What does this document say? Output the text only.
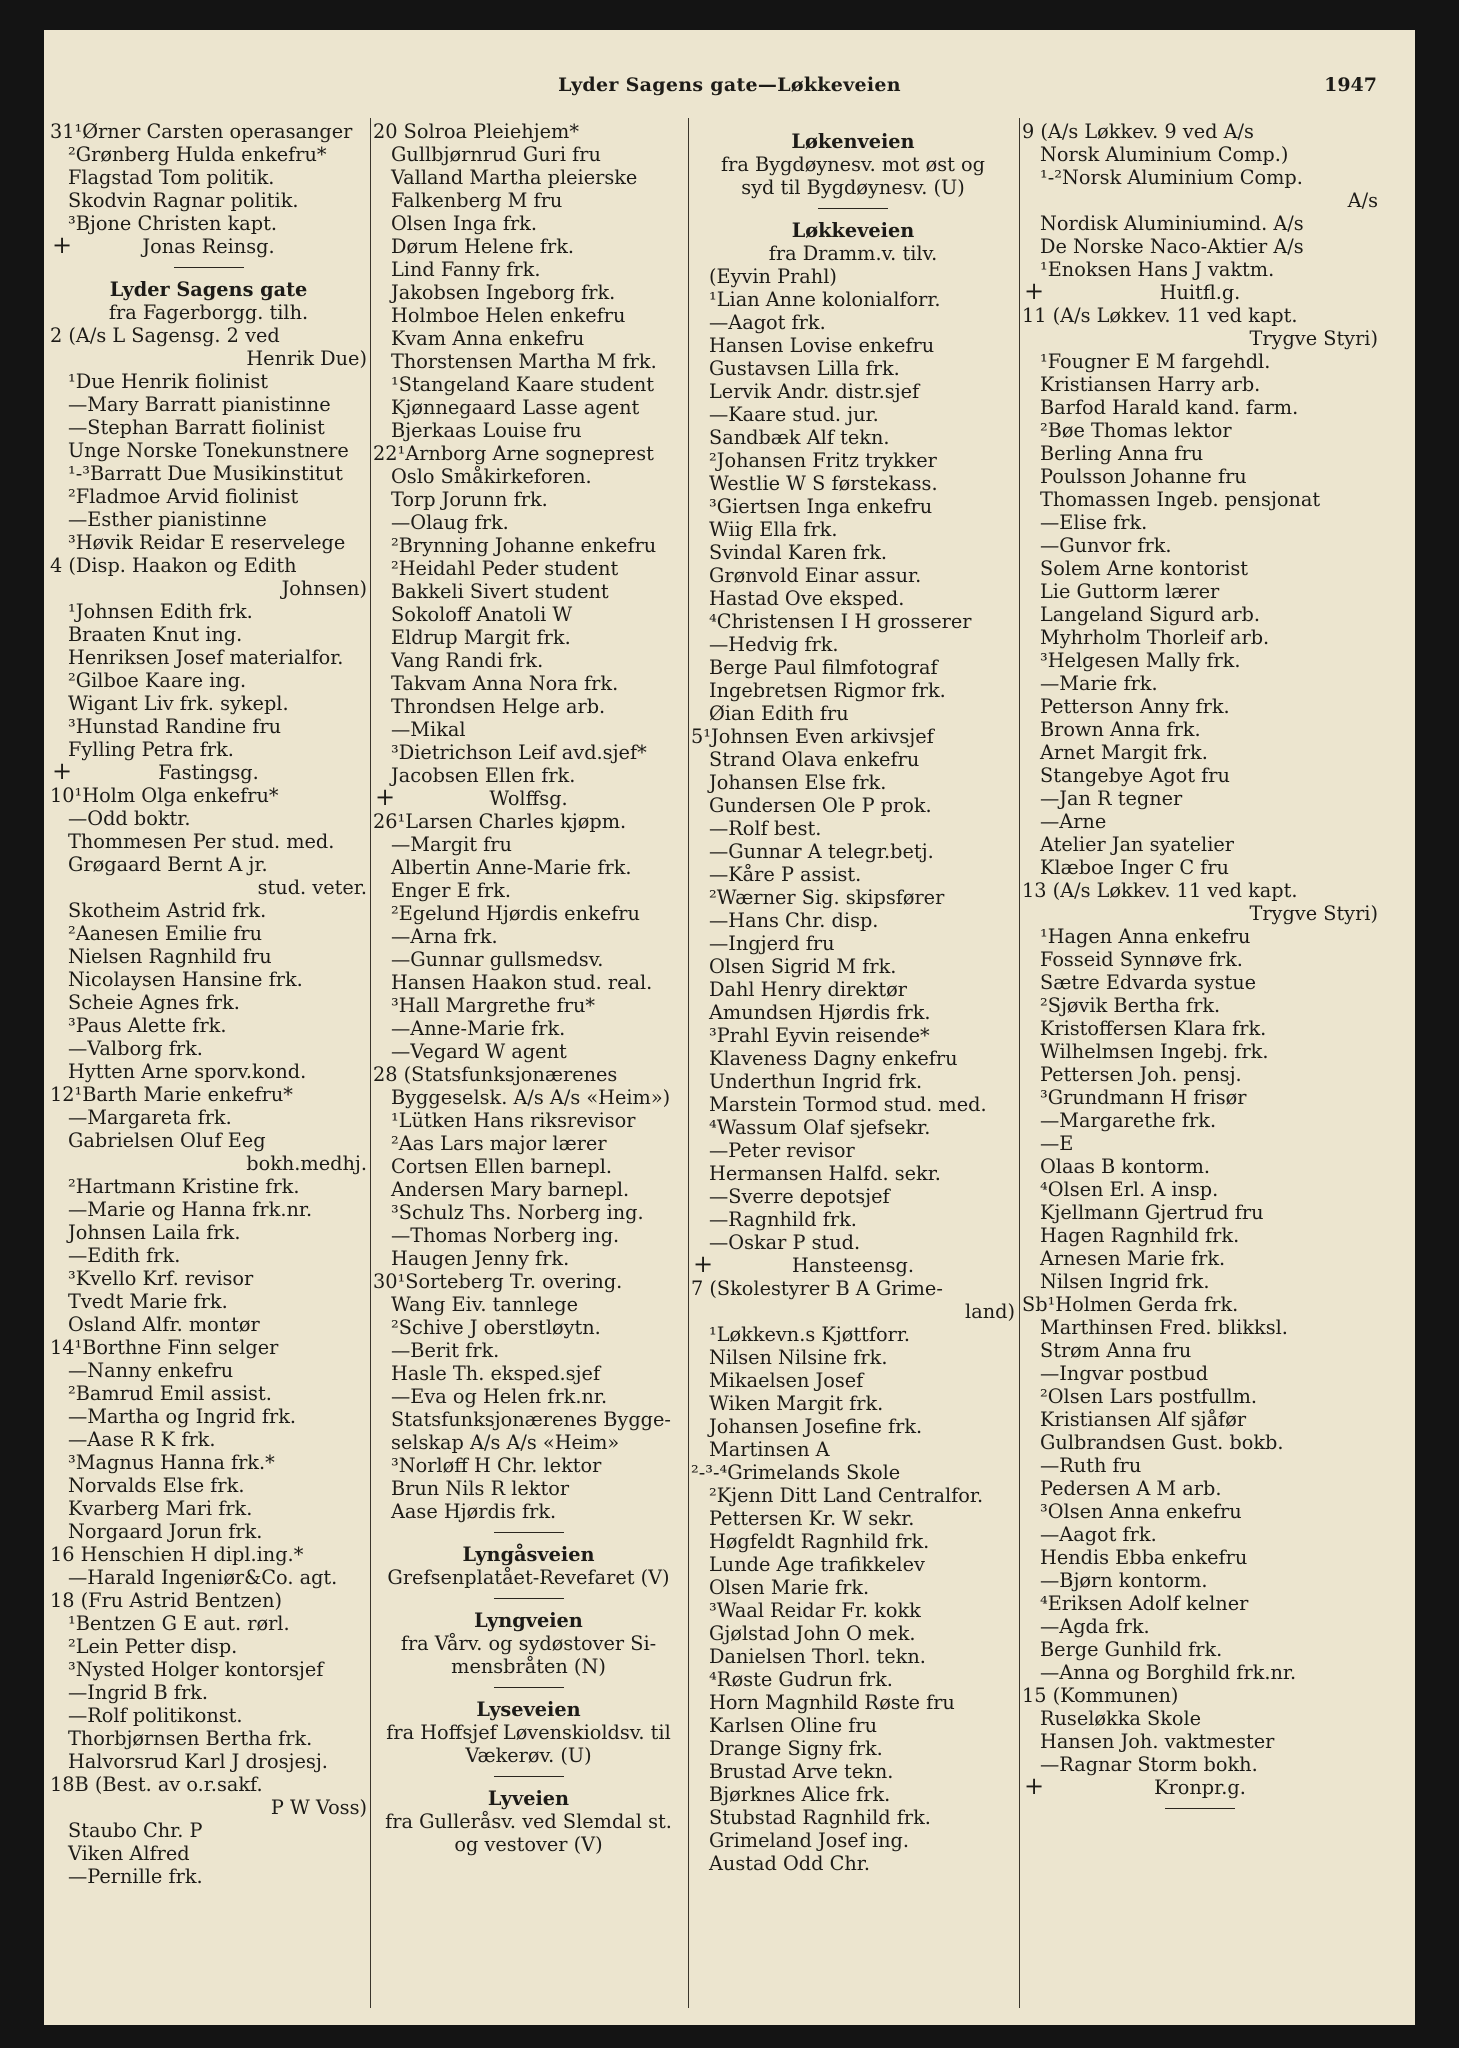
Lyder Sagens gate—Løkkeveien	1947
31¹Ørner Carsten operasanger
²Grønberg Hulda enkefru*
Flagstad Tom politik.
Skodvin Ragnar politik.
³Bjone Christen kapt.
+	Jonas Reinsg.
Lyder Sagens gate
fra Fagerborgg. tilh.
2 (A/s L Sagensg. 2 ved
Henrik Due)
¹Due Henrik fiolinist
—Mary Barratt pianistinne
—Stephan Barratt fiolinist
Unge Norske Tonekunstnere
¹‑³Barratt Due Musikinstitut
²Fladmoe Arvid fiolinist
—Esther pianistinne
³Høvik Reidar E reservelege
4 (Disp. Haakon og Edith
Johnsen)
¹Johnsen Edith frk.
Braaten Knut ing.
Henriksen Josef materialfor.
²Gilboe Kaare ing.
Wigant Liv frk. sykepl.
³Hunstad Randine fru
Fylling Petra frk.
+	Fastingsg.
10¹Holm Olga enkefru*
—Odd boktr.
Thommesen Per stud. med.
Grøgaard Bernt A jr.
stud. veter.
Skotheim Astrid frk.
²Aanesen Emilie fru
Nielsen Ragnhild fru
Nicolaysen Hansine frk.
Scheie Agnes frk.
³Paus Alette frk.
—Valborg frk.
Hytten Arne sporv.kond.
12¹Barth Marie enkefru*
—Margareta frk.
Gabrielsen Oluf Eeg
bokh.medhj.
²Hartmann Kristine frk.
—Marie og Hanna frk.nr.
Johnsen Laila frk.
—Edith frk.
³Kvello Krf. revisor
Tvedt Marie frk.
Osland Alfr. montør
14¹Borthne Finn selger
—Nanny enkefru
²Bamrud Emil assist.
—Martha og Ingrid frk.
—Aase R K frk.
³Magnus Hanna frk.*
Norvalds Else frk.
Kvarberg Mari frk.
Norgaard Jorun frk.
16 Henschien H dipl.ing.*
—Harald Ingeniør&Co. agt.
18 (Fru Astrid Bentzen)
¹Bentzen G E aut. rørl.
²Lein Petter disp.
³Nysted Holger kontorsjef
—Ingrid B frk.
—Rolf politikonst.
Thorbjørnsen Bertha frk.
Halvorsrud Karl J drosjesj.
18B (Best. av o.r.sakf.
P W Voss)
Staubo Chr. P
Viken Alfred
—Pernille frk.
20 Solroa Pleiehjem*
Gullbjørnrud Guri fru
Valland Martha pleierske
Falkenberg M fru
Olsen Inga frk.
Dørum Helene frk.
Lind Fanny frk.
Jakobsen Ingeborg frk.
Holmboe Helen enkefru
Kvam Anna enkefru
Thorstensen Martha M frk.
¹Stangeland Kaare student
Kjønnegaard Lasse agent
Bjerkaas Louise fru
22¹Arnborg Arne sogneprest
Oslo Småkirkeforen.
Torp Jorunn frk.
—Olaug frk.
²Brynning Johanne enkefru
²Heidahl Peder student
Bakkeli Sivert student
Sokoloff Anatoli W
Eldrup Margit frk.
Vang Randi frk.
Takvam Anna Nora frk.
Throndsen Helge arb.
—Mikal
³Dietrichson Leif avd.sjef*
Jacobsen Ellen frk.
+	Wolffsg.
26¹Larsen Charles kjøpm.
—Margit fru
Albertin Anne-Marie frk.
Enger E frk.
²Egelund Hjørdis enkefru
—Arna frk.
—Gunnar gullsmedsv.
Hansen Haakon stud. real.
³Hall Margrethe fru*
—Anne-Marie frk.
—Vegard W agent
28 (Statsfunksjonærenes
Byggeselsk. A/s A/s «Heim»)
¹Lütken Hans riksrevisor
²Aas Lars major lærer
Cortsen Ellen barnepl.
Andersen Mary barnepl.
³Schulz Ths. Norberg ing.
—Thomas Norberg ing.
Haugen Jenny frk.
30¹Sorteberg Tr. overing.
Wang Eiv. tannlege
²Schive J oberstløytn.
—Berit frk.
Hasle Th. eksped.sjef
—Eva og Helen frk.nr.
Statsfunksjonærenes Bygge-
selskap A/s A/s «Heim»
³Norløff H Chr. lektor
Brun Nils R lektor
Aase Hjørdis frk.
Lyngåsveien
Grefsenplatået-Revefaret (V)
Lyngveien
fra Vårv. og sydøstover Si-
mensbråten (N)
Lyseveien
fra Hoffsjef Løvenskioldsv. til
Vækerøv. (U)
Lyveien
fra Gulleråsv. ved Slemdal st.
og vestover (V)
Løkenveien
fra Bygdøynesv. mot øst og
syd til Bygdøynesv. (U)
Løkkeveien
fra Dramm.v. tilv.
(Eyvin Prahl)
¹Lian Anne kolonialforr.
—Aagot frk.
Hansen Lovise enkefru
Gustavsen Lilla frk.
Lervik Andr. distr.sjef
—Kaare stud. jur.
Sandbæk Alf tekn.
²Johansen Fritz trykker
Westlie W S førstekass.
³Giertsen Inga enkefru
Wiig Ella frk.
Svindal Karen frk.
Grønvold Einar assur.
Hastad Ove eksped.
⁴Christensen I H grosserer
—Hedvig frk.
Berge Paul filmfotograf
Ingebretsen Rigmor frk.
Øian Edith fru
5¹Johnsen Even arkivsjef
Strand Olava enkefru
Johansen Else frk.
Gundersen Ole P prok.
—Rolf best.
—Gunnar A telegr.betj.
—Kåre P assist.
²Wærner Sig. skipsfører
—Hans Chr. disp.
—Ingjerd fru
Olsen Sigrid M frk.
Dahl Henry direktør
Amundsen Hjørdis frk.
³Prahl Eyvin reisende*
Klaveness Dagny enkefru
Underthun Ingrid frk.
Marstein Tormod stud. med.
⁴Wassum Olaf sjefsekr.
—Peter revisor
Hermansen Halfd. sekr.
—Sverre depotsjef
—Ragnhild frk.
—Oskar P stud.
+	Hansteensg.
7 (Skolestyrer B A Grime-
land)
¹Løkkevn.s Kjøttforr.
Nilsen Nilsine frk.
Mikaelsen Josef
Wiken Margit frk.
Johansen Josefine frk.
Martinsen A
²‑³‑⁴Grimelands Skole
²Kjenn Ditt Land Centralfor.
Pettersen Kr. W sekr.
Høgfeldt Ragnhild frk.
Lunde Age trafikkelev
Olsen Marie frk.
³Waal Reidar Fr. kokk
Gjølstad John O mek.
Danielsen Thorl. tekn.
⁴Røste Gudrun frk.
Horn Magnhild Røste fru
Karlsen Oline fru
Drange Signy frk.
Brustad Arve tekn.
Bjørknes Alice frk.
Stubstad Ragnhild frk.
Grimeland Josef ing.
Austad Odd Chr.
9 (A/s Løkkev. 9 ved A/s
Norsk Aluminium Comp.)
¹‑²Norsk Aluminium Comp.
A/s
Nordisk Aluminiumind. A/s
De Norske Naco-Aktier A/s
¹Enoksen Hans J vaktm.
+	Huitfl.g.
11 (A/s Løkkev. 11 ved kapt.
Trygve Styri)
¹Fougner E M fargehdl.
Kristiansen Harry arb.
Barfod Harald kand. farm.
²Bøe Thomas lektor
Berling Anna fru
Poulsson Johanne fru
Thomassen Ingeb. pensjonat
—Elise frk.
—Gunvor frk.
Solem Arne kontorist
Lie Guttorm lærer
Langeland Sigurd arb.
Myhrholm Thorleif arb.
³Helgesen Mally frk.
—Marie frk.
Petterson Anny frk.
Brown Anna frk.
Arnet Margit frk.
Stangebye Agot fru
—Jan R tegner
—Arne
Atelier Jan syatelier
Klæboe Inger C fru
13 (A/s Løkkev. 11 ved kapt.
Trygve Styri)
¹Hagen Anna enkefru
Fosseid Synnøve frk.
Sætre Edvarda systue
²Sjøvik Bertha frk.
Kristoffersen Klara frk.
Wilhelmsen Ingebj. frk.
Pettersen Joh. pensj.
³Grundmann H frisør
—Margarethe frk.
—E
Olaas B kontorm.
⁴Olsen Erl. A insp.
Kjellmann Gjertrud fru
Hagen Ragnhild frk.
Arnesen Marie frk.
Nilsen Ingrid frk.
Sb¹Holmen Gerda frk.
Marthinsen Fred. blikksl.
Strøm Anna fru
—Ingvar postbud
²Olsen Lars postfullm.
Kristiansen Alf sjåfør
Gulbrandsen Gust. bokb.
—Ruth fru
Pedersen A M arb.
³Olsen Anna enkefru
—Aagot frk.
Hendis Ebba enkefru
—Bjørn kontorm.
⁴Eriksen Adolf kelner
—Agda frk.
Berge Gunhild frk.
—Anna og Borghild frk.nr.
15 (Kommunen)
Ruseløkka Skole
Hansen Joh. vaktmester
—Ragnar Storm bokh.
+	Kronpr.g.
